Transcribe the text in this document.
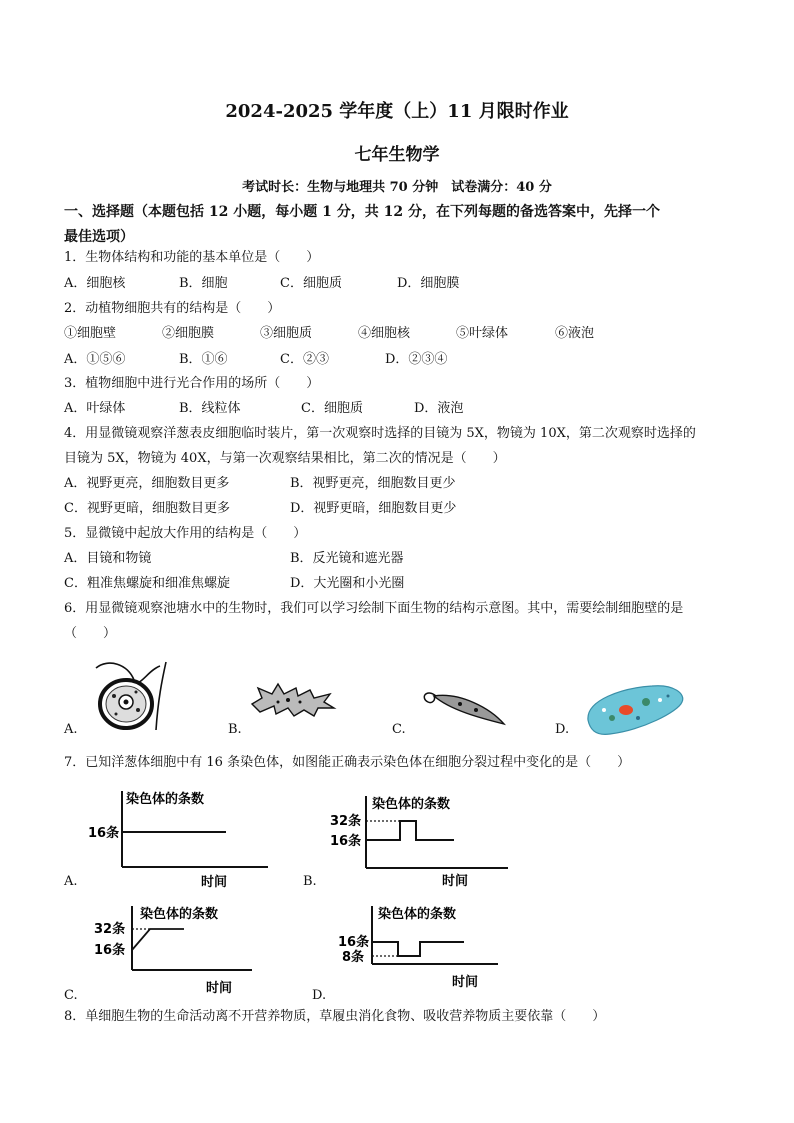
2024-2025 学年度（上）11 月限时作业
七年生物学
考试时长：生物与地理共 70 分钟　试卷满分：40 分
一、选择题（本题包括 12 小题，每小题 1 分，共 12 分，在下列每题的备选答案中，先择一个
最佳选项）
1．生物体结构和功能的基本单位是（　　）
A．细胞核	B．细胞	C．细胞质	D．细胞膜
2．动植物细胞共有的结构是（　　）
①细胞壁	②细胞膜	③细胞质	④细胞核	⑤叶绿体	⑥液泡
A．①⑤⑥	B．①⑥	C．②③	D．②③④
3．植物细胞中进行光合作用的场所（　　）
A．叶绿体	B．线粒体	C．细胞质	D．液泡
4．用显微镜观察洋葱表皮细胞临时装片，第一次观察时选择的目镜为 5X，物镜为 10X，第二次观察时选择的
目镜为 5X，物镜为 40X，与第一次观察结果相比，第二次的情况是（　　）
A．视野更亮，细胞数目更多	B．视野更亮，细胞数目更少
C．视野更暗，细胞数目更多	D．视野更暗，细胞数目更少
5．显微镜中起放大作用的结构是（　　）
A．目镜和物镜	B．反光镜和遮光器
C．粗准焦螺旋和细准焦螺旋	D．大光圈和小光圈
6．用显微镜观察池塘水中的生物时，我们可以学习绘制下面生物的结构示意图。其中，需要绘制细胞壁的是
（　　）
A.	B.	C.	D.
7．已知洋葱体细胞中有 16 条染色体，如图能正确表示染色体在细胞分裂过程中变化的是（　　）
染色体的条数
16条
时间
A.
染色体的条数
32条
16条
时间
B.
染色体的条数
32条
16条
时间
C.
染色体的条数
16条
8条
时间
D.
8．单细胞生物的生命活动离不开营养物质，草履虫消化食物、吸收营养物质主要依靠（　　）
